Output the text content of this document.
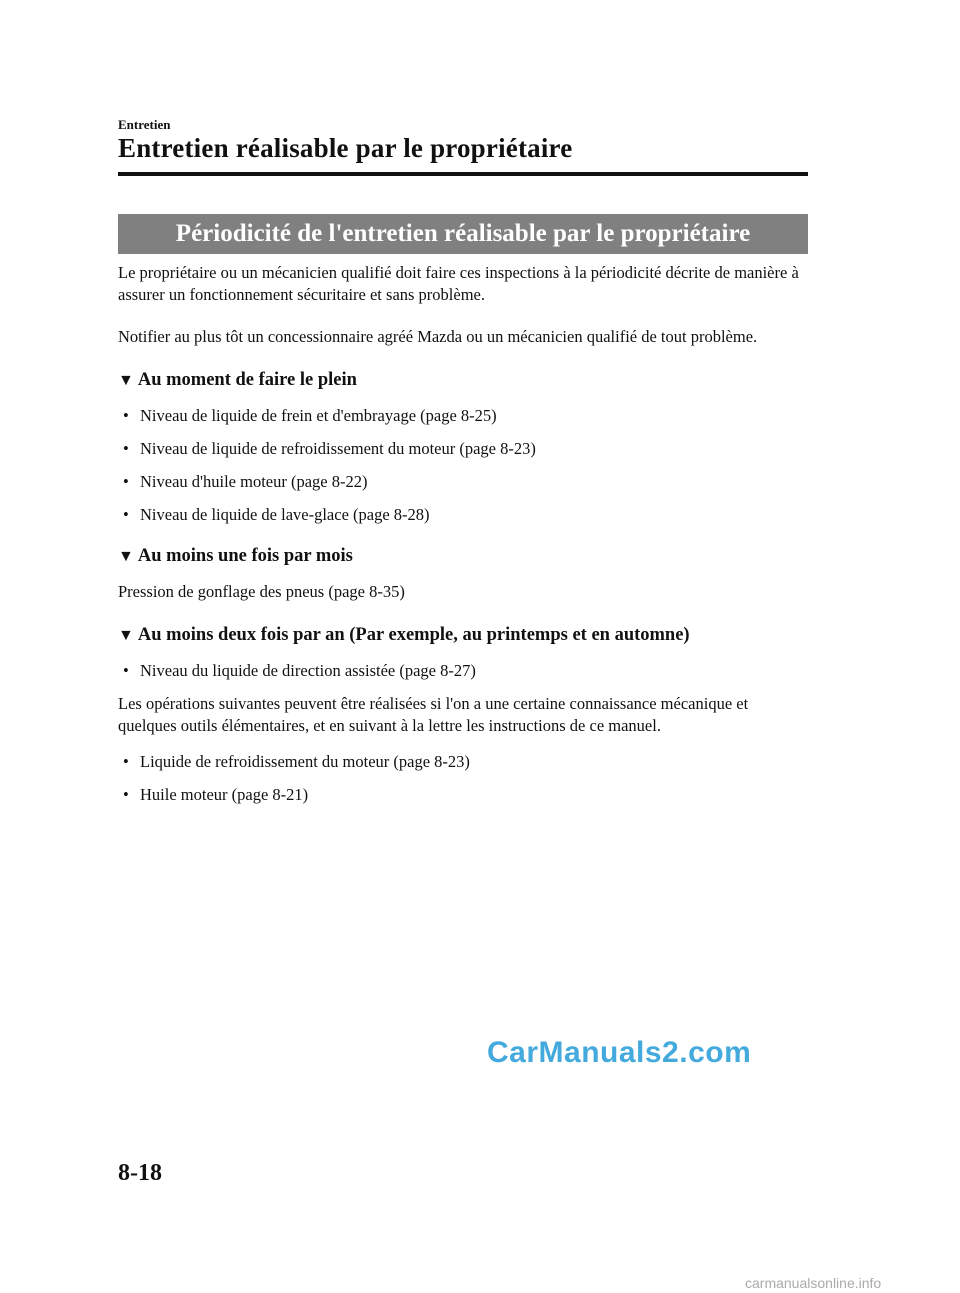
Entretien
Entretien réalisable par le propriétaire
Périodicité de l'entretien réalisable par le propriétaire

Le propriétaire ou un mécanicien qualifié doit faire ces inspections à la périodicité décrite de manière à assurer un fonctionnement sécuritaire et sans problème.

Notifier au plus tôt un concessionnaire agréé Mazda ou un mécanicien qualifié de tout problème.

▼ Au moment de faire le plein
• Niveau de liquide de frein et d'embrayage (page 8-25)
• Niveau de liquide de refroidissement du moteur (page 8-23)
• Niveau d'huile moteur (page 8-22)
• Niveau de liquide de lave-glace (page 8-28)
▼ Au moins une fois par mois

Pression de gonflage des pneus (page 8-35)

▼ Au moins deux fois par an (Par exemple, au printemps et en automne)
• Niveau du liquide de direction assistée (page 8-27)

Les opérations suivantes peuvent être réalisées si l'on a une certaine connaissance mécanique et quelques outils élémentaires, et en suivant à la lettre les instructions de ce manuel.

• Liquide de refroidissement du moteur (page 8-23)
• Huile moteur (page 8-21)
CarManuals2.com
8-18
carmanualsonline.info
